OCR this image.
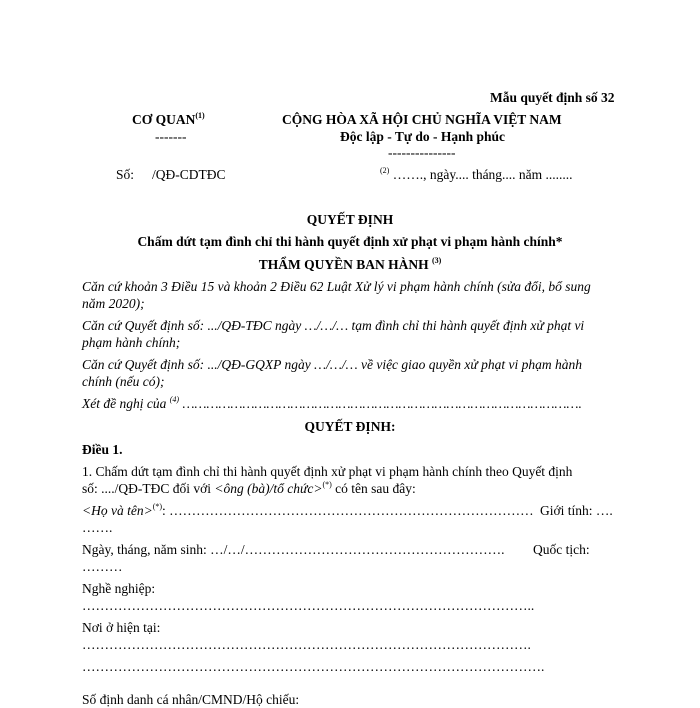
Mẫu quyết định số 32
CƠ QUAN$^{(1)}$
-------
CỘNG HÒA XÃ HỘI CHỦ NGHĨA VIỆT NAM
Độc lập - Tự do - Hạnh phúc
---------------
Số: /QĐ-CDTĐC	$^{(2)}$ ……., ngày.... tháng.... năm ........
QUYẾT ĐỊNH
Chấm dứt tạm đình chỉ thi hành quyết định xử phạt vi phạm hành chính*
THẨM QUYỀN BAN HÀNH $^{(3)}$
Căn cứ khoản 3 Điều 15 và khoản 2 Điều 62 Luật Xử lý vi phạm hành chính (sửa đổi, bổ sung
năm 2020);
Căn cứ Quyết định số: .../QĐ-TĐC ngày …/…/… tạm đình chỉ thi hành quyết định xử phạt vi
phạm hành chính;
Căn cứ Quyết định số: .../QĐ-GQXP ngày …/…/… về việc giao quyền xử phạt vi phạm hành
chính (nếu có);
Xét đề nghị của $^{(4)}$ ……………………………………………………………………………………….
QUYẾT ĐỊNH:
Điều 1.
1. Chấm dứt tạm đình chỉ thi hành quyết định xử phạt vi phạm hành chính theo Quyết định
số: ..../QĐ-TĐC đối với <ông (bà)/tổ chức>(*) có tên sau đây:
<Họ và tên>(*): ……………………………………………………………………… Giới tính: ….
…….
Ngày, tháng, năm sinh: …/…/…………………………………………………. Quốc tịch:
………
Nghề nghiệp:
………………………………………………………………………………………..
Nơi ở hiện tại:
……………………………………………………………………………………….
………………………………………………………………………………………….
Số định danh cá nhân/CMND/Hộ chiếu:
